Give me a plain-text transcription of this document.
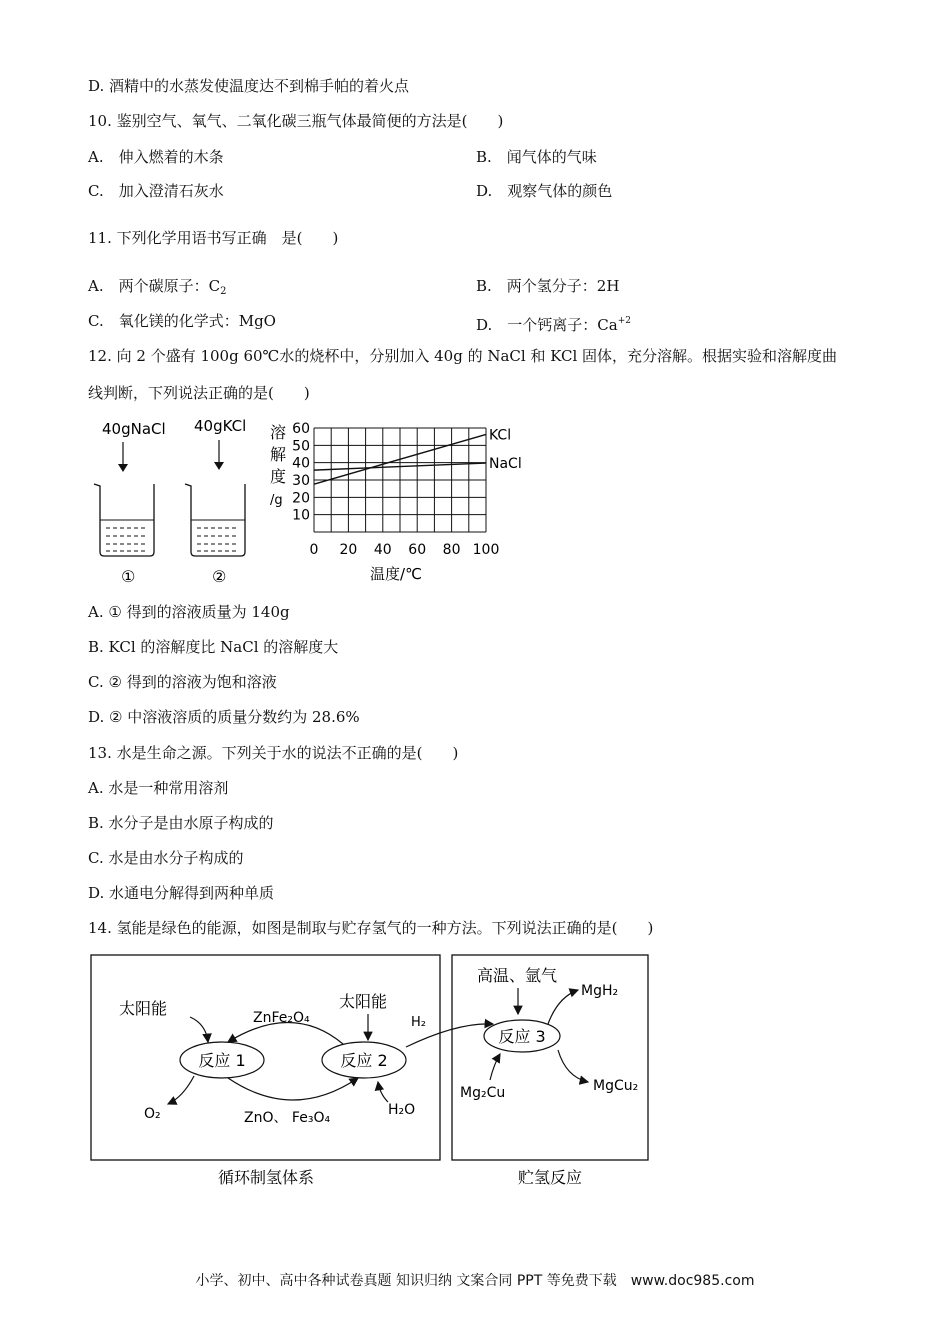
D. 酒精中的水蒸发使温度达不到棉手帕的着火点
10. 鉴别空气、氧气、二氧化碳三瓶气体最简便的方法是(　　)
A.　伸入燃着的木条	B.　闻气体的气味
C.　加入澄清石灰水	D.　观察气体的颜色
11. 下列化学用语书写正确　是(　　)
A.　两个碳原子：$C_2$	B.　两个氢分子：2H
C.　氧化镁的化学式：MgO	D.　一个钙离子：$Ca^{+2}$
12. 向 2 个盛有 100g 60℃水的烧杯中，分别加入 40g 的 NaCl 和 KCl 固体，充分溶解。根据实验和溶解度曲
线判断，下列说法正确的是(　　)
40gNaCl 40gKCl
①	②
溶
解
度
/g
10
20
30
40
50
60
0 20 40 60 80 100
KCl
NaCl
温度/℃
A. ① 得到的溶液质量为 140g
B. KCl 的溶解度比 NaCl 的溶解度大
C. ② 得到的溶液为饱和溶液
D. ② 中溶液溶质的质量分数约为 28.6%
13. 水是生命之源。下列关于水的说法不正确的是(　　)
A. 水是一种常用溶剂
B. 水分子是由水原子构成的
C. 水是由水分子构成的
D. 水通电分解得到两种单质
14. 氢能是绿色的能源，如图是制取与贮存氢气的一种方法。下列说法正确的是(　　)
反应 1	反应 2
太阳能	ZnFe₂O₄
太阳能
H₂
O₂	ZnO、 Fe₃O₄	H₂O
高温、氩气
反应 3
MgH₂
MgCu₂
Mg₂Cu
循环制氢体系	贮氢反应
小学、初中、高中各种试卷真题 知识归纳 文案合同 PPT 等免费下载　www.doc985.com
